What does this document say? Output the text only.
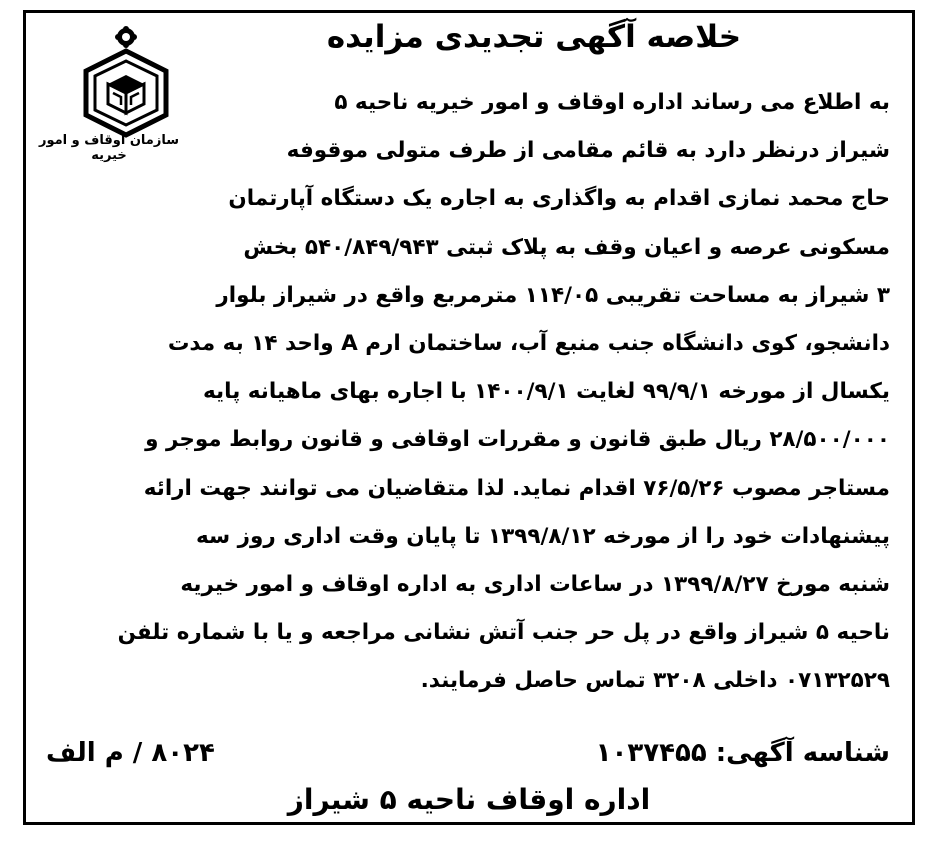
سازمان اوقاف و امور خیریه
خلاصه آگهی تجدیدی مزایده
به اطلاع می رساند اداره اوقاف و امور خیریه ناحیه ۵
شیراز درنظر دارد به قائم مقامی از طرف متولی موقوفه
حاج محمد نمازی اقدام به واگذاری به اجاره یک دستگاه آپارتمان
مسکونی عرصه و اعیان وقف به پلاک ثبتی ۵۴۰/۸۴۹/۹۴۳ بخش
۳ شیراز به مساحت تقریبی ۱۱۴/۰۵ مترمربع واقع در شیراز بلوار
دانشجو، کوی دانشگاه جنب منبع آب، ساختمان ارم A واحد ۱۴ به مدت
یکسال از مورخه ۹۹/۹/۱ لغایت ۱۴۰۰/۹/۱ با اجاره بهای ماهیانه پایه
۲۸/۵۰۰/۰۰۰ ریال طبق قانون و مقررات اوقافی و قانون روابط موجر و
مستاجر مصوب ۷۶/۵/۲۶ اقدام نماید. لذا متقاضیان می توانند جهت ارائه
پیشنهادات خود را از مورخه ۱۳۹۹/۸/۱۲ تا پایان وقت اداری روز سه
شنبه مورخ ۱۳۹۹/۸/۲۷ در ساعات اداری به اداره اوقاف و امور خیریه
ناحیه ۵ شیراز واقع در پل حر جنب آتش نشانی مراجعه و یا با شماره تلفن
۰۷۱۳۲۵۲۹ داخلی ۳۲۰۸ تماس حاصل فرمایند.
شناسه آگهی: ۱۰۳۷۴۵۵
۸۰۲۴ / م الف
اداره اوقاف ناحیه ۵ شیراز
